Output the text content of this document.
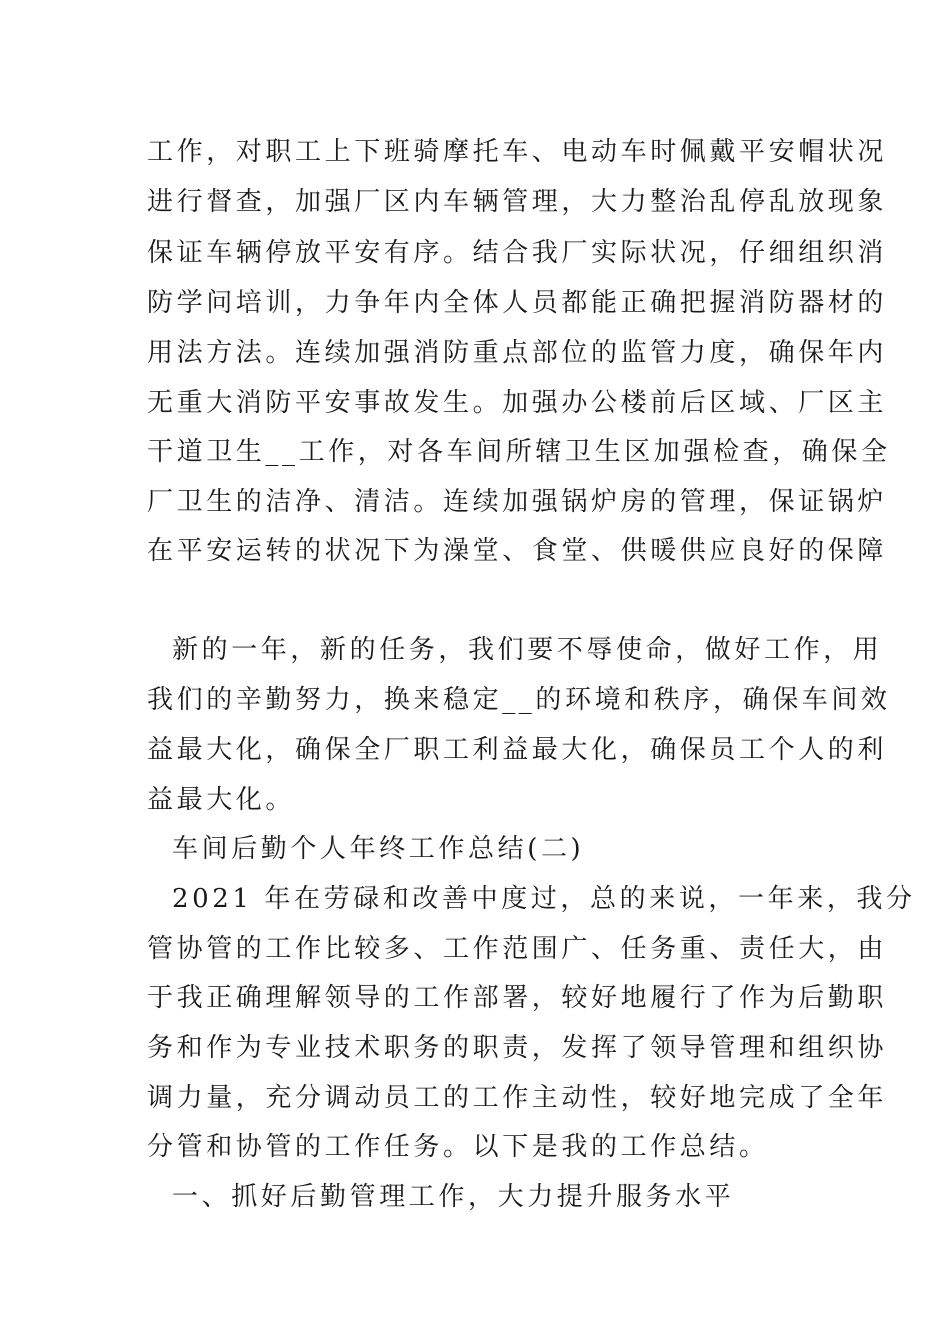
工作，对职工上下班骑摩托车、电动车时佩戴平安帽状况
进行督查，加强厂区内车辆管理，大力整治乱停乱放现象
保证车辆停放平安有序。结合我厂实际状况，仔细组织消
防学问培训，力争年内全体人员都能正确把握消防器材的
用法方法。连续加强消防重点部位的监管力度，确保年内
无重大消防平安事故发生。加强办公楼前后区域、厂区主
干道卫生__工作，对各车间所辖卫生区加强检查，确保全
厂卫生的洁净、清洁。连续加强锅炉房的管理，保证锅炉
在平安运转的状况下为澡堂、食堂、供暖供应良好的保障
新的一年，新的任务，我们要不辱使命，做好工作，用
我们的辛勤努力，换来稳定__的环境和秩序，确保车间效
益最大化，确保全厂职工利益最大化，确保员工个人的利
益最大化。
车间后勤个人年终工作总结(二)
2021 年在劳碌和改善中度过，总的来说，一年来，我分
管协管的工作比较多、工作范围广、任务重、责任大，由
于我正确理解领导的工作部署，较好地履行了作为后勤职
务和作为专业技术职务的职责，发挥了领导管理和组织协
调力量，充分调动员工的工作主动性，较好地完成了全年
分管和协管的工作任务。以下是我的工作总结。
一、抓好后勤管理工作，大力提升服务水平
